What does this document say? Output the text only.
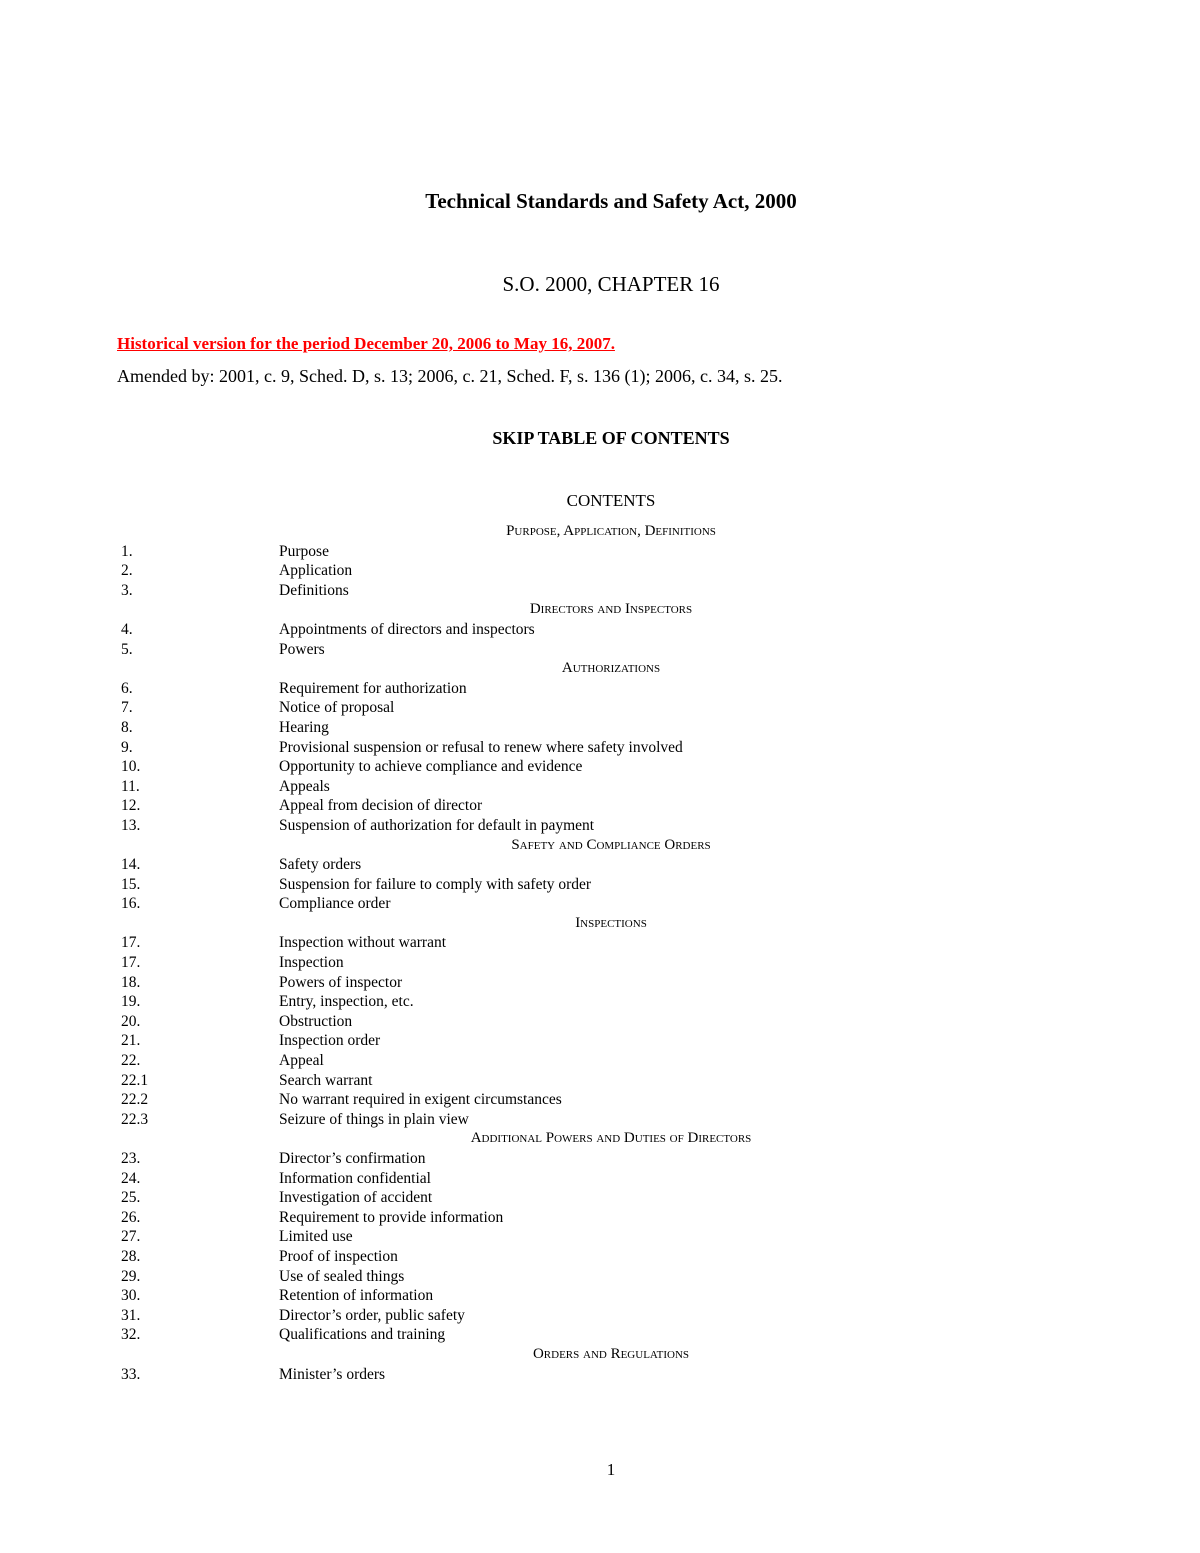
Technical Standards and Safety Act, 2000
S.O. 2000, CHAPTER 16
Historical version for the period December 20, 2006 to May 16, 2007.
Amended by: 2001, c. 9, Sched. D, s. 13; 2006, c. 21, Sched. F, s. 136 (1); 2006, c. 34, s. 25.
SKIP TABLE OF CONTENTS
CONTENTS
Purpose, Application, Definitions
1.	Purpose
2.	Application
3.	Definitions
Directors and Inspectors
4.	Appointments of directors and inspectors
5.	Powers
Authorizations
6.	Requirement for authorization
7.	Notice of proposal
8.	Hearing
9.	Provisional suspension or refusal to renew where safety involved
10.	Opportunity to achieve compliance and evidence
11.	Appeals
12.	Appeal from decision of director
13.	Suspension of authorization for default in payment
Safety and Compliance Orders
14.	Safety orders
15.	Suspension for failure to comply with safety order
16.	Compliance order
Inspections
17.	Inspection without warrant
17.	Inspection
18.	Powers of inspector
19.	Entry, inspection, etc.
20.	Obstruction
21.	Inspection order
22.	Appeal
22.1	Search warrant
22.2	No warrant required in exigent circumstances
22.3	Seizure of things in plain view
Additional Powers and Duties of Directors
23.	Director’s confirmation
24.	Information confidential
25.	Investigation of accident
26.	Requirement to provide information
27.	Limited use
28.	Proof of inspection
29.	Use of sealed things
30.	Retention of information
31.	Director’s order, public safety
32.	Qualifications and training
Orders and Regulations
33.	Minister’s orders
1
